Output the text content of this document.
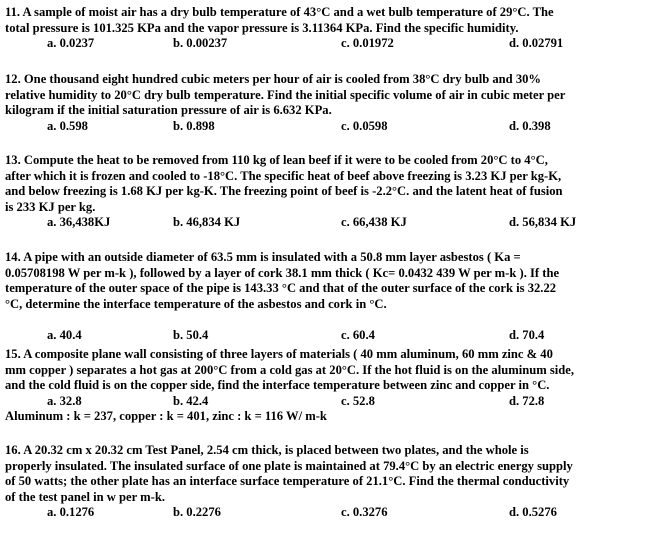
11. A sample of moist air has a dry bulb temperature of 43°C and a wet bulb temperature of 29°C. The
total pressure is 101.325 KPa and the vapor pressure is 3.11364 KPa. Find the specific humidity.
a. 0.0237	b. 0.00237	c. 0.01972	d. 0.02791
12. One thousand eight hundred cubic meters per hour of air is cooled from 38°C dry bulb and 30%
relative humidity to 20°C dry bulb temperature. Find the initial specific volume of air in cubic meter per
kilogram if the initial saturation pressure of air is 6.632 KPa.
a. 0.598	b. 0.898	c. 0.0598	d. 0.398
13. Compute the heat to be removed from 110 kg of lean beef if it were to be cooled from 20°C to 4°C,
after which it is frozen and cooled to -18°C. The specific heat of beef above freezing is 3.23 KJ per kg-K,
and below freezing is 1.68 KJ per kg-K. The freezing point of beef is -2.2°C. and the latent heat of fusion
is 233 KJ per kg.
a. 36,438KJ	b. 46,834 KJ	c. 66,438 KJ	d. 56,834 KJ
14. A pipe with an outside diameter of 63.5 mm is insulated with a 50.8 mm layer asbestos ( Ka =
0.05708198 W per m-k ), followed by a layer of cork 38.1 mm thick ( Kc= 0.0432 439 W per m-k ). If the
temperature of the outer space of the pipe is 143.33 °C and that of the outer surface of the cork is 32.22
°C, determine the interface temperature of the asbestos and cork in °C.
a. 40.4	b. 50.4	c. 60.4	d. 70.4
15. A composite plane wall consisting of three layers of materials ( 40 mm aluminum, 60 mm zinc & 40
mm copper ) separates a hot gas at 200°C from a cold gas at 20°C. If the hot fluid is on the aluminum side,
and the cold fluid is on the copper side, find the interface temperature between zinc and copper in °C.
a. 32.8	b. 42.4	c. 52.8	d. 72.8
Aluminum : k = 237, copper : k = 401, zinc : k = 116 W/ m-k
16. A 20.32 cm x 20.32 cm Test Panel, 2.54 cm thick, is placed between two plates, and the whole is
properly insulated. The insulated surface of one plate is maintained at 79.4°C by an electric energy supply
of 50 watts; the other plate has an interface surface temperature of 21.1°C. Find the thermal conductivity
of the test panel in w per m-k.
a. 0.1276	b. 0.2276	c. 0.3276	d. 0.5276
